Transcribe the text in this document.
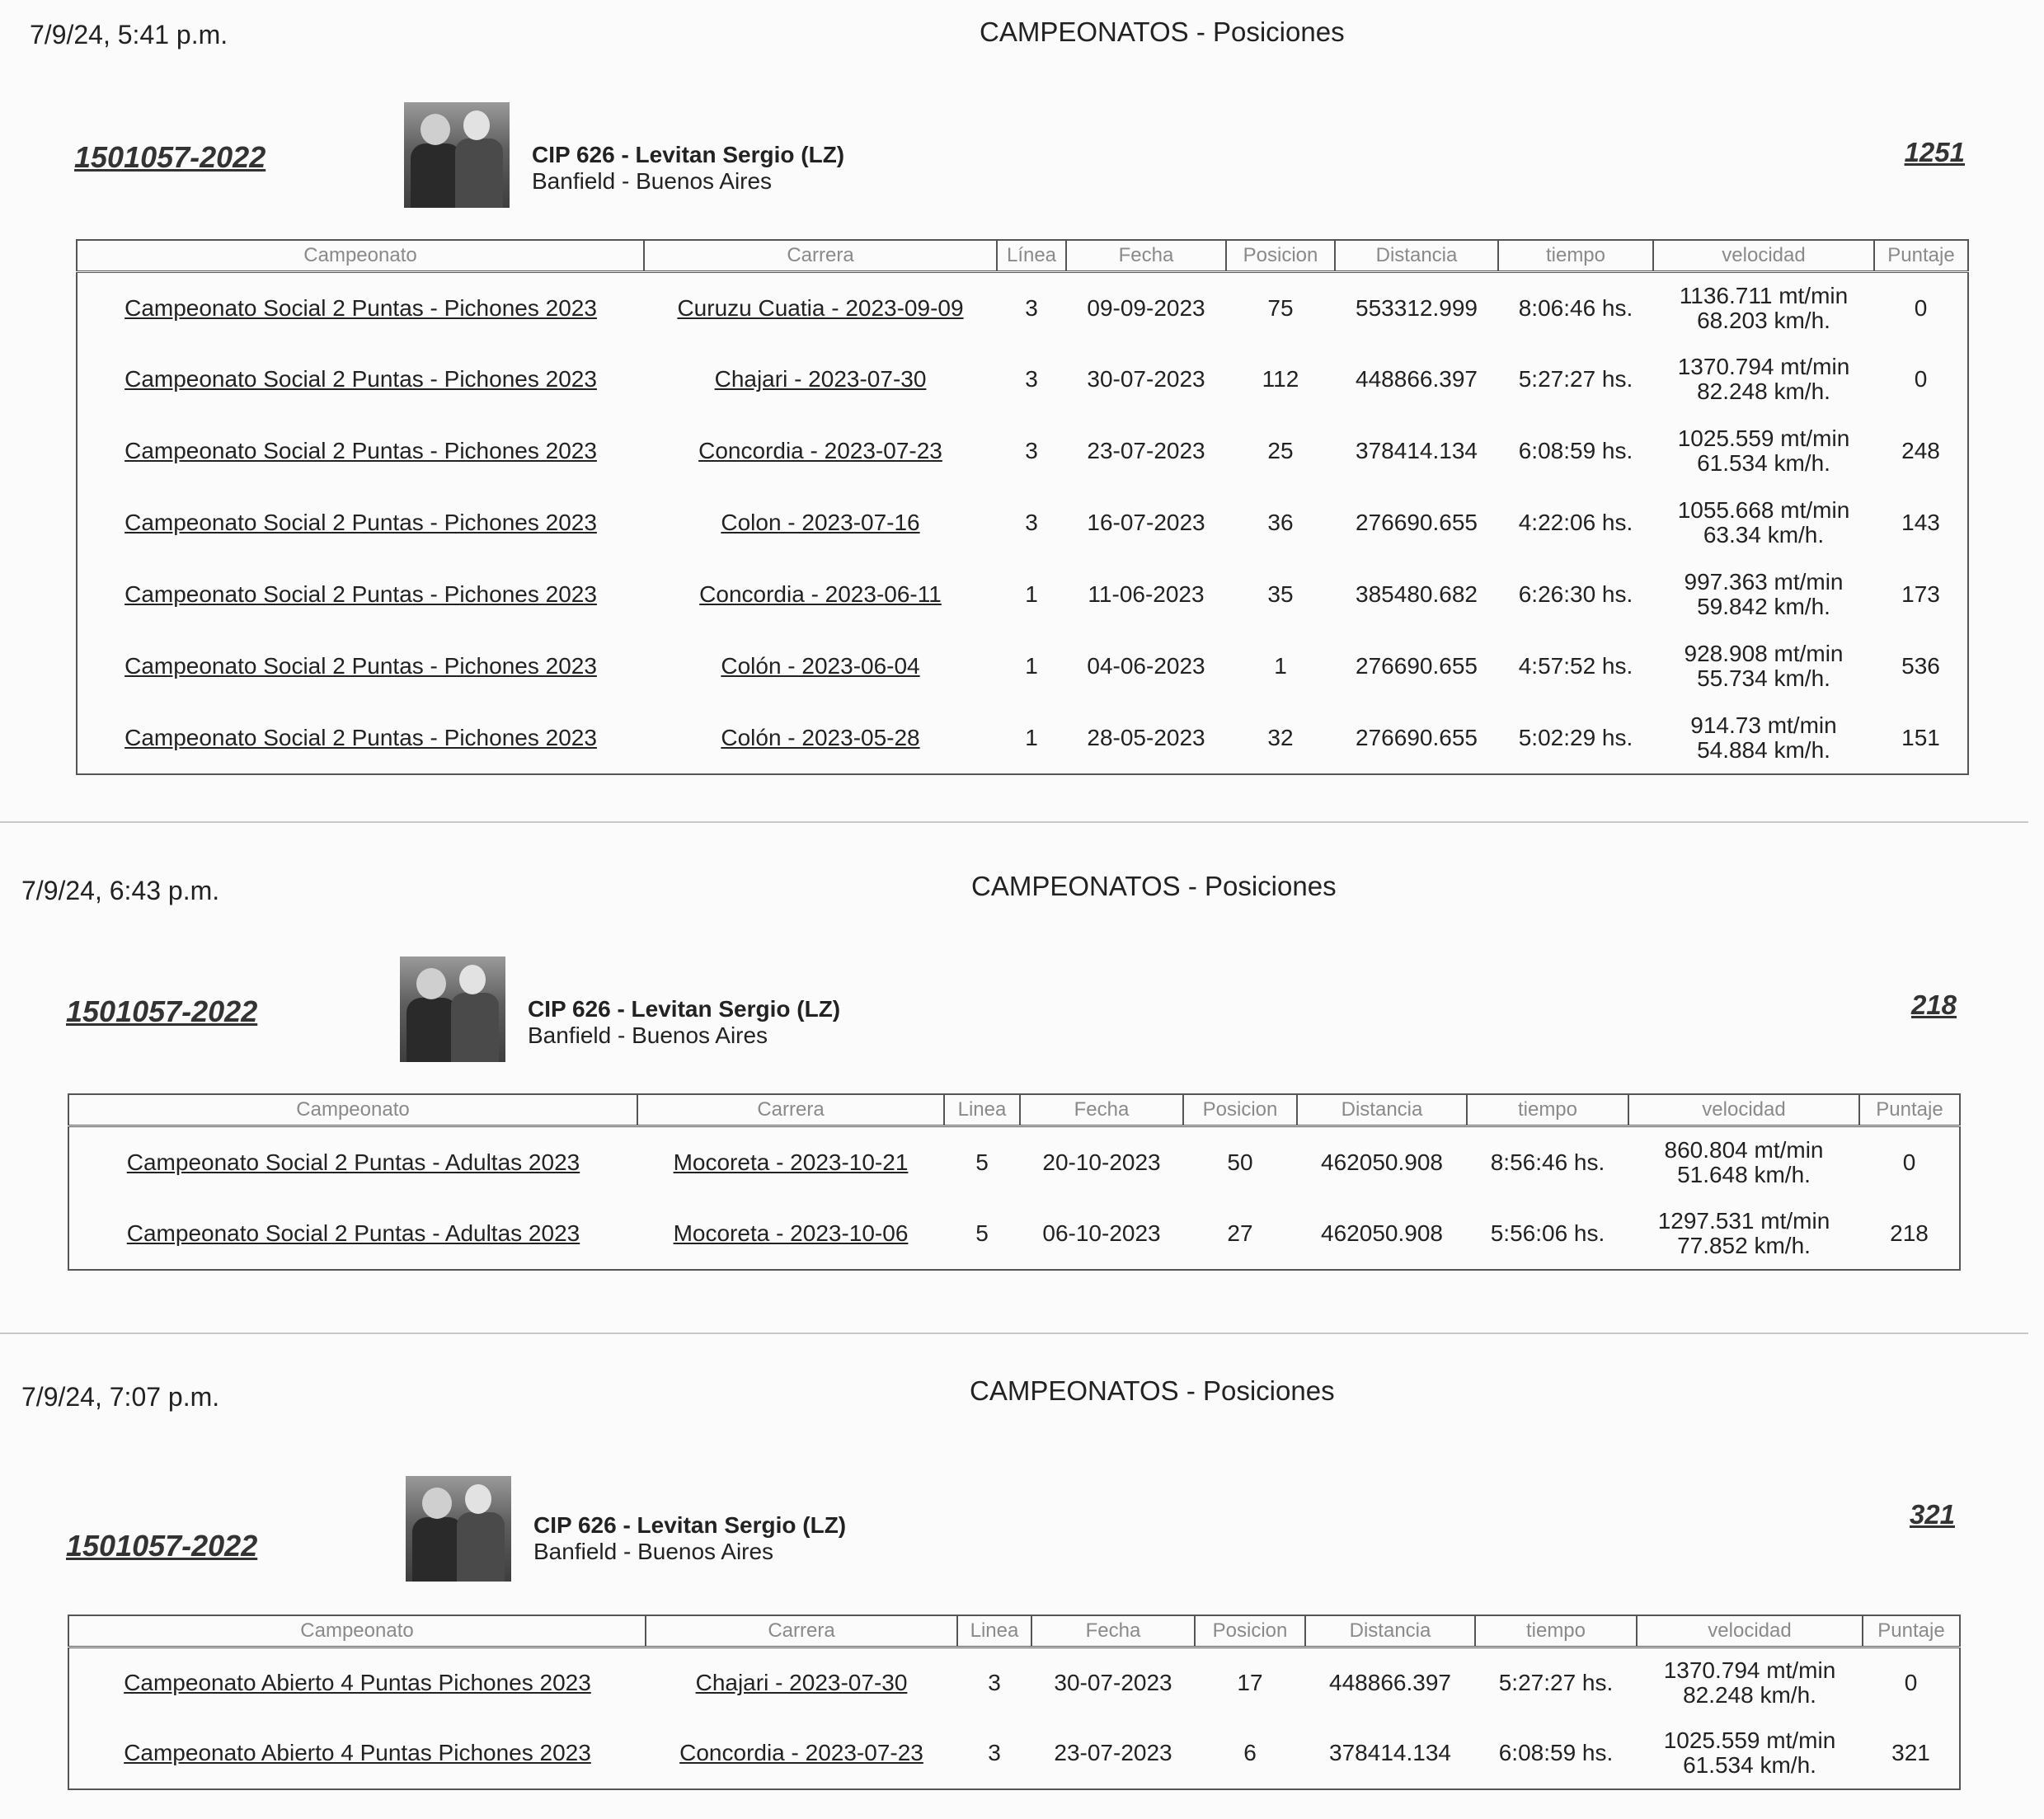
7/9/24, 5:41 p.m.	CAMPEONATOS - Posiciones
1501057-2022	CIP 626 - Levitan Sergio (LZ)
Banfield - Buenos Aires
1251
Campeonato	Carrera	Línea	Fecha	Posicion	Distancia	tiempo	velocidad	Puntaje
Campeonato Social 2 Puntas - Pichones 2023	Curuzu Cuatia - 2023-09-09	3	09-09-2023	75	553312.999	8:06:46 hs.	1136.711 mt/min
68.203 km/h.	0
Campeonato Social 2 Puntas - Pichones 2023	Chajari - 2023-07-30	3	30-07-2023	112	448866.397	5:27:27 hs.	1370.794 mt/min
82.248 km/h.	0
Campeonato Social 2 Puntas - Pichones 2023	Concordia - 2023-07-23	3	23-07-2023	25	378414.134	6:08:59 hs.	1025.559 mt/min
61.534 km/h.	248
Campeonato Social 2 Puntas - Pichones 2023	Colon - 2023-07-16	3	16-07-2023	36	276690.655	4:22:06 hs.	1055.668 mt/min
63.34 km/h.	143
Campeonato Social 2 Puntas - Pichones 2023	Concordia - 2023-06-11	1	11-06-2023	35	385480.682	6:26:30 hs.	997.363 mt/min
59.842 km/h.	173
Campeonato Social 2 Puntas - Pichones 2023	Colón - 2023-06-04	1	04-06-2023	1	276690.655	4:57:52 hs.	928.908 mt/min
55.734 km/h.	536
Campeonato Social 2 Puntas - Pichones 2023	Colón - 2023-05-28	1	28-05-2023	32	276690.655	5:02:29 hs.	914.73 mt/min
54.884 km/h.	151
7/9/24, 6:43 p.m.	CAMPEONATOS - Posiciones
1501057-2022	CIP 626 - Levitan Sergio (LZ)
Banfield - Buenos Aires
218
Campeonato	Carrera	Linea	Fecha	Posicion	Distancia	tiempo	velocidad	Puntaje
Campeonato Social 2 Puntas - Adultas 2023	Mocoreta - 2023-10-21	5	20-10-2023	50	462050.908	8:56:46 hs.	860.804 mt/min
51.648 km/h.	0
Campeonato Social 2 Puntas - Adultas 2023	Mocoreta - 2023-10-06	5	06-10-2023	27	462050.908	5:56:06 hs.	1297.531 mt/min
77.852 km/h.	218
7/9/24, 7:07 p.m.	CAMPEONATOS - Posiciones
1501057-2022
CIP 626 - Levitan Sergio (LZ)
Banfield - Buenos Aires
321
Campeonato	Carrera	Linea	Fecha	Posicion	Distancia	tiempo	velocidad	Puntaje
Campeonato Abierto 4 Puntas Pichones 2023	Chajari - 2023-07-30	3	30-07-2023	17	448866.397	5:27:27 hs.	1370.794 mt/min
82.248 km/h.	0
Campeonato Abierto 4 Puntas Pichones 2023	Concordia - 2023-07-23	3	23-07-2023	6	378414.134	6:08:59 hs.	1025.559 mt/min
61.534 km/h.	321
